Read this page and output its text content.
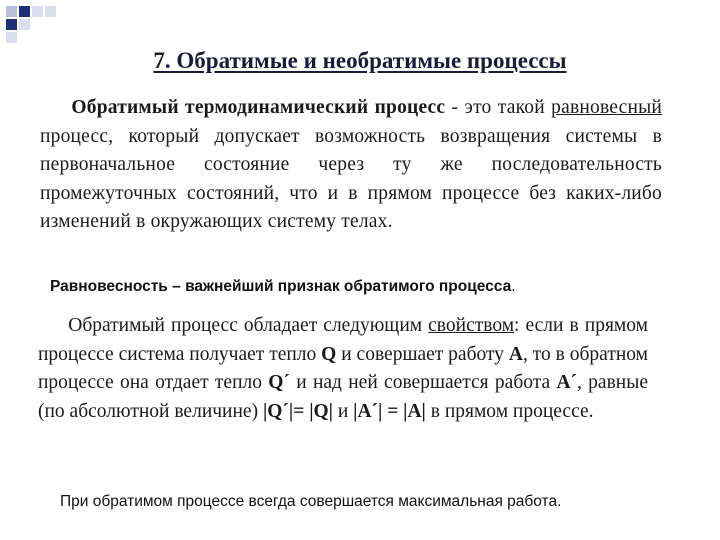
7. Обратимые и необратимые процессы
Обратимый термодинамический процесс - это такой равновесный процесс, который допускает возможность возвращения системы в первоначальное состояние через ту же последовательность промежуточных состояний, что и в прямом процессе без каких-либо изменений в окружающих систему телах.
Равновесность – важнейший признак обратимого процесса.
Обратимый процесс обладает следующим свойством: если в прямом процессе система получает тепло Q и совершает работу A, то в обратном процессе она отдает тепло Q´ и над ней совершается работа A´, равные (по абсолютной величине) |Q´|= |Q| и |A´| = |A| в прямом процессе.
При обратимом процессе всегда совершается максимальная работа.
